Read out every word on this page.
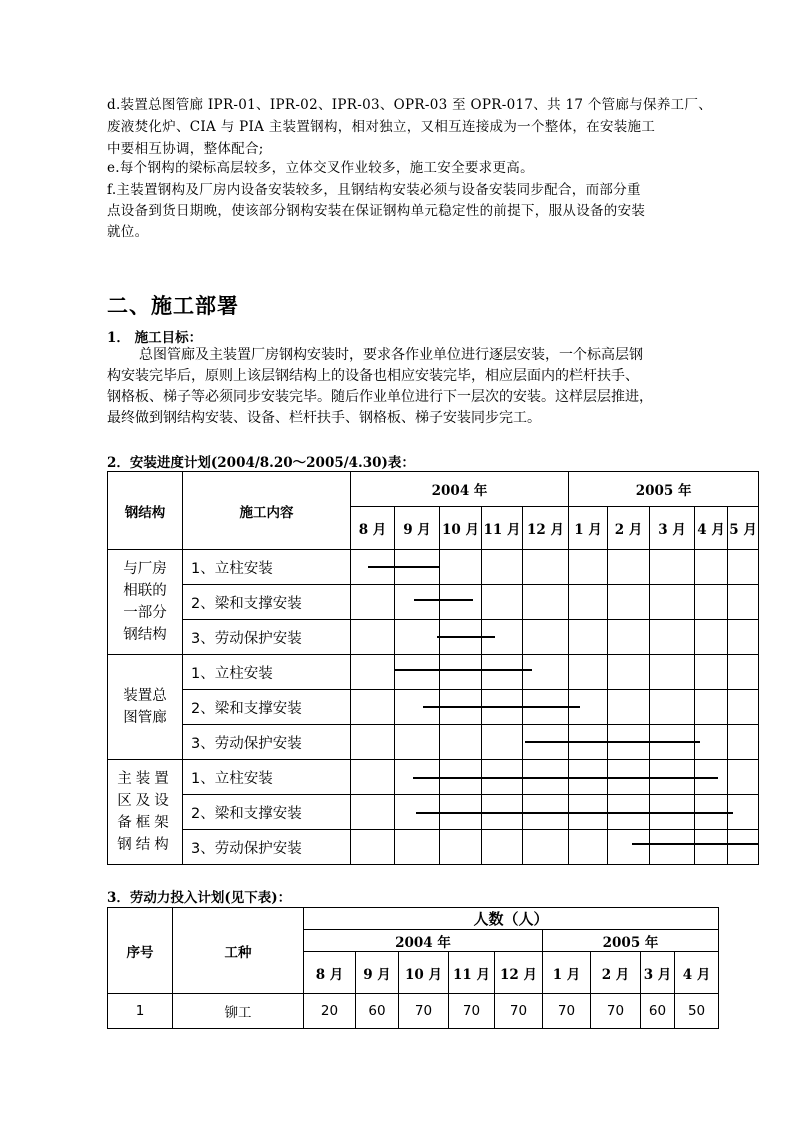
d.装置总图管廊 IPR-01、IPR-02、IPR-03、OPR-03 至 OPR-017、共 17 个管廊与保养工厂、
废液焚化炉、CIA 与 PIA 主装置钢构，相对独立，又相互连接成为一个整体，在安装施工
中要相互协调，整体配合;
e.每个钢构的梁标高层较多，立体交叉作业较多，施工安全要求更高。
f.主装置钢构及厂房内设备安装较多，且钢结构安装必须与设备安装同步配合，而部分重
点设备到货日期晚，使该部分钢构安装在保证钢构单元稳定性的前提下，服从设备的安装
就位。
二、施工部署
1． 施工目标：
总图管廊及主装置厂房钢构安装时，要求各作业单位进行逐层安装，一个标高层钢
构安装完毕后，原则上该层钢结构上的设备也相应安装完毕，相应层面内的栏杆扶手、
钢格板、梯子等必须同步安装完毕。随后作业单位进行下一层次的安装。这样层层推进，
最终做到钢结构安装、设备、栏杆扶手、钢格板、梯子安装同步完工。
2．安装进度计划(2004/8.20～2005/4.30)表：
钢结构	施工内容	2004 年					2005 年				
		8 月	9 月	10 月	11 月	12 月	1 月	2 月	3 月	4 月	5 月
与厂房相联的一部分钢结构	1、立柱安装										
	2、梁和支撑安装										
	3、劳动保护安装										
装置总图管廊	1、立柱安装										
	2、梁和支撑安装										
	3、劳动保护安装										
主装置区及设备框架钢结构	1、立柱安装										
	2、梁和支撑安装										
	3、劳动保护安装										
3．劳动力投入计划(见下表)：
序号	工种	人数（人）								
		2004 年					2005 年			
		8 月	9 月	10 月	11 月	12 月	1 月	2 月	3 月	4 月
1	铆工	20	60	70	70	70	70	70	60	50
